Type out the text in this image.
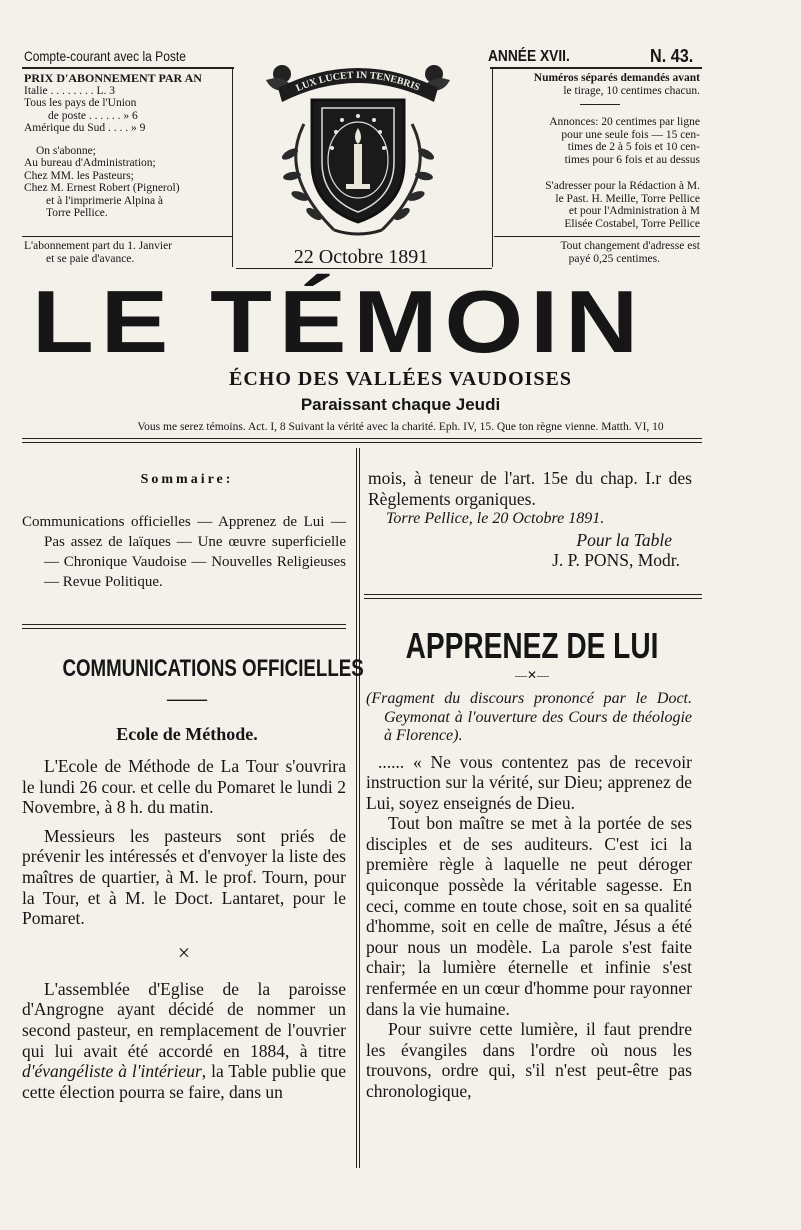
Compte-courant avec la Poste
PRIX D'ABONNEMENT PAR AN
Italie . . . . . . . . L. 3
Tous les pays de l'Union
de poste . . . . . . » 6
Amérique du Sud . . . . » 9
On s'abonne;
Au bureau d'Administration;
Chez MM. les Pasteurs;
Chez M. Ernest Robert (Pignerol)
et à l'imprimerie Alpina à
Torre Pellice.
L'abonnement part du 1. Janvier
et se paie d'avance.
LUX LUCET IN TENEBRIS
22 Octobre 1891
ANNÉE XVII.	N. 43.
Numéros séparés demandés avant
le tirage, 10 centimes chacun.
Annonces: 20 centimes par ligne
pour une seule fois — 15 cen-
times de 2 à 5 fois et 10 cen-
times pour 6 fois et au dessus
S'adresser pour la Rédaction à M.
le Past. H. Meille, Torre Pellice
et pour l'Administration à M
Elisée Costabel, Torre Pellice
Tout changement d'adresse est
payé 0,25 centimes.
LE TÉMOIN
ÉCHO DES VALLÉES VAUDOISES
Paraissant chaque Jeudi
Vous me serez témoins. Act. I, 8 Suivant la vérité avec la charité. Eph. IV, 15. Que ton règne vienne. Matth. VI, 10
Sommaire:

Communications officielles — Apprenez de Lui — Pas assez de laïques — Une œuvre superficielle — Chronique Vaudoise — Nouvelles Religieuses — Revue Politique.

COMMUNICATIONS OFFICIELLES
——
Ecole de Méthode.

L'Ecole de Méthode de La Tour s'ouvrira le lundi 26 cour. et celle du Pomaret le lundi 2 Novembre, à 8 h. du matin.

Messieurs les pasteurs sont priés de prévenir les intéressés et d'envoyer la liste des maîtres de quartier, à M. le prof. Tourn, pour la Tour, et à M. le Doct. Lantaret, pour le Pomaret.

×

L'assemblée d'Eglise de la paroisse d'Angrogne ayant décidé de nommer un second pasteur, en remplacement de l'ouvrier qui lui avait été accordé en 1884, à titre d'évangéliste à l'intérieur, la Table publie que cette élection pourra se faire, dans un

mois, à teneur de l'art. 15e du chap. I.r des Règlements organiques.

Torre Pellice, le 20 Octobre 1891.

Pour la Table

J. P. PONS, Modr.

APPRENEZ DE LUI
—✕—

(Fragment du discours prononcé par le Doct. Geymonat à l'ouverture des Cours de théologie à Florence).

...... « Ne vous contentez pas de recevoir instruction sur la vérité, sur Dieu; apprenez de Lui, soyez enseignés de Dieu.

Tout bon maître se met à la portée de ses disciples et de ses auditeurs. C'est ici la première règle à laquelle ne peut déroger quiconque possède la véritable sagesse. En ceci, comme en toute chose, soit en sa qualité d'homme, soit en celle de maître, Jésus a été pour nous un modèle. La parole s'est faite chair; la lumière éternelle et infinie s'est renfermée en un cœur d'homme pour rayonner dans la vie humaine.

Pour suivre cette lumière, il faut prendre les évangiles dans l'ordre où nous les trouvons, ordre qui, s'il n'est peut-être pas chronologique,
